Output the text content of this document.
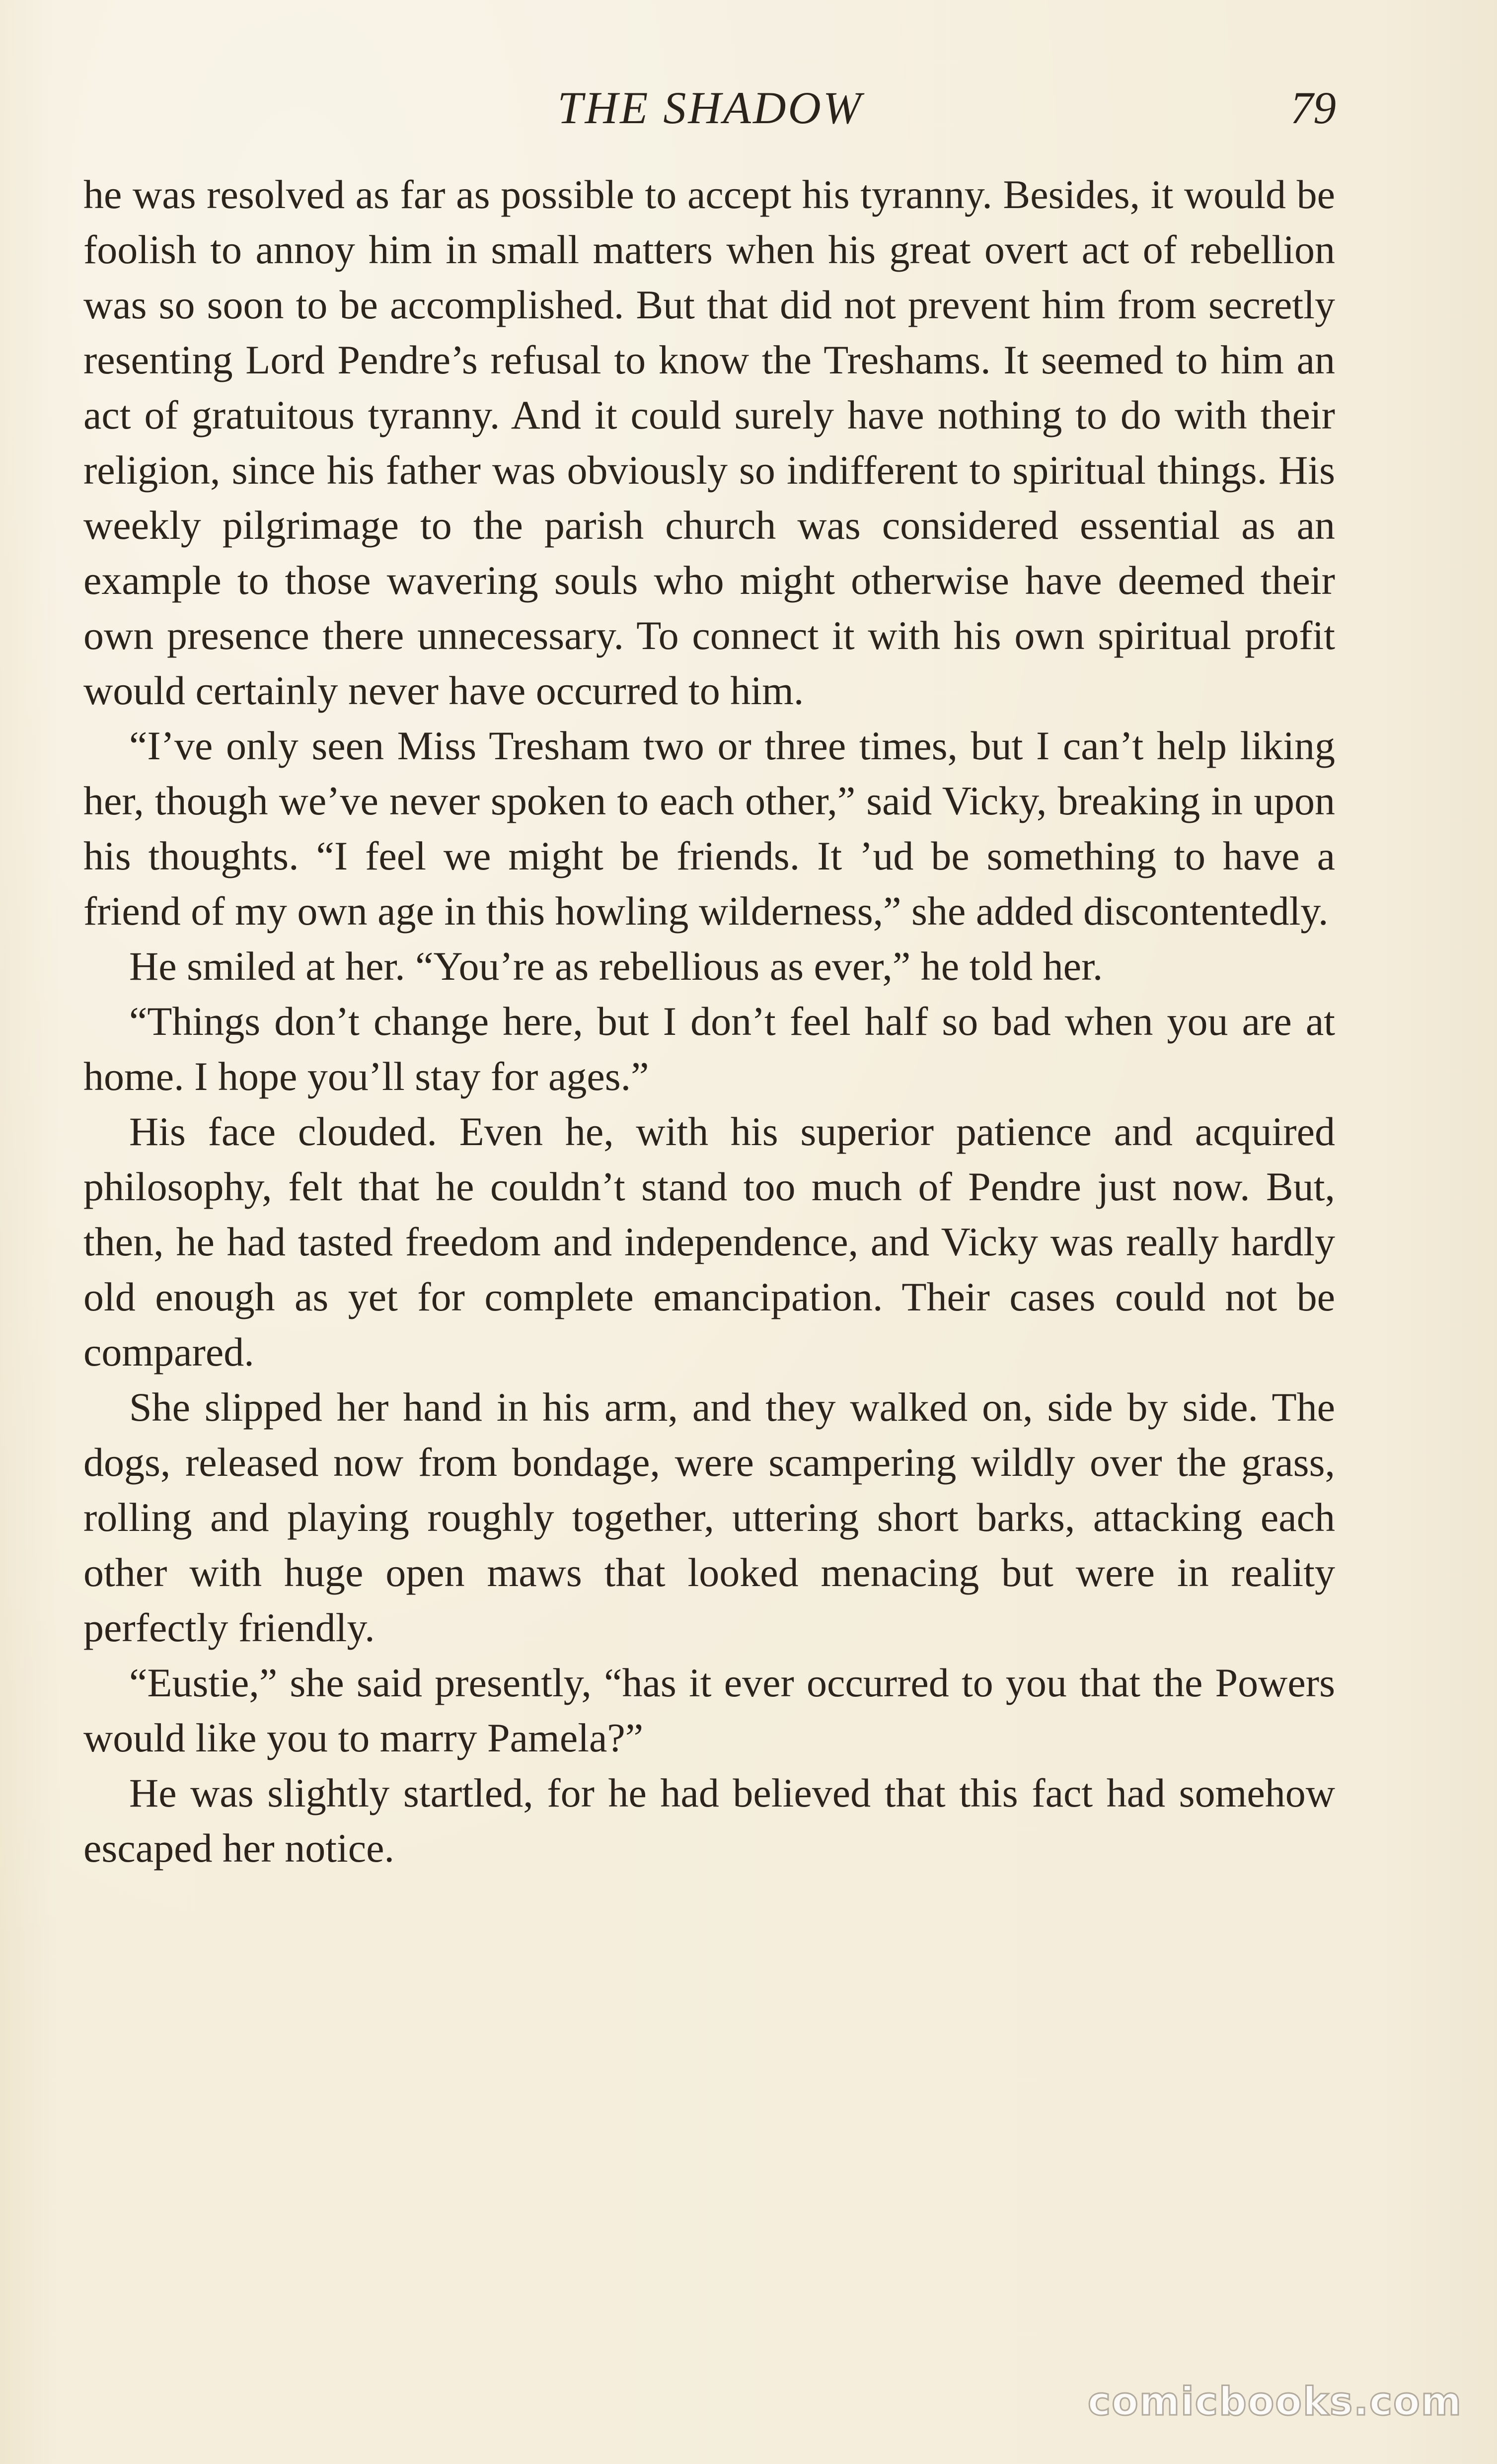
THE SHADOW	79

he was resolved as far as possible to accept his tyranny. Besides, it would be foolish to annoy him in small matters when his great overt act of rebellion was so soon to be accomplished. But that did not prevent him from secretly resenting Lord Pendre’s refusal to know the Treshams. It seemed to him an act of gratuitous tyranny. And it could surely have nothing to do with their religion, since his father was obviously so indifferent to spiritual things. His weekly pilgrimage to the parish church was considered essential as an example to those wavering souls who might otherwise have deemed their own presence there unnecessary. To connect it with his own spiritual profit would certainly never have occurred to him.

“I’ve only seen Miss Tresham two or three times, but I can’t help liking her, though we’ve never spoken to each other,” said Vicky, breaking in upon his thoughts. “I feel we might be friends. It ’ud be something to have a friend of my own age in this howling wilderness,” she added discontentedly.

He smiled at her. “You’re as rebellious as ever,” he told her.

“Things don’t change here, but I don’t feel half so bad when you are at home. I hope you’ll stay for ages.”

His face clouded. Even he, with his superior patience and acquired philosophy, felt that he couldn’t stand too much of Pendre just now. But, then, he had tasted freedom and independence, and Vicky was really hardly old enough as yet for complete emancipation. Their cases could not be compared.

She slipped her hand in his arm, and they walked on, side by side. The dogs, released now from bondage, were scampering wildly over the grass, rolling and playing roughly together, uttering short barks, attacking each other with huge open maws that looked menacing but were in reality perfectly friendly.

“Eustie,” she said presently, “has it ever occurred to you that the Powers would like you to marry Pamela?”

He was slightly startled, for he had believed that this fact had somehow escaped her notice.

comicbooks.com
